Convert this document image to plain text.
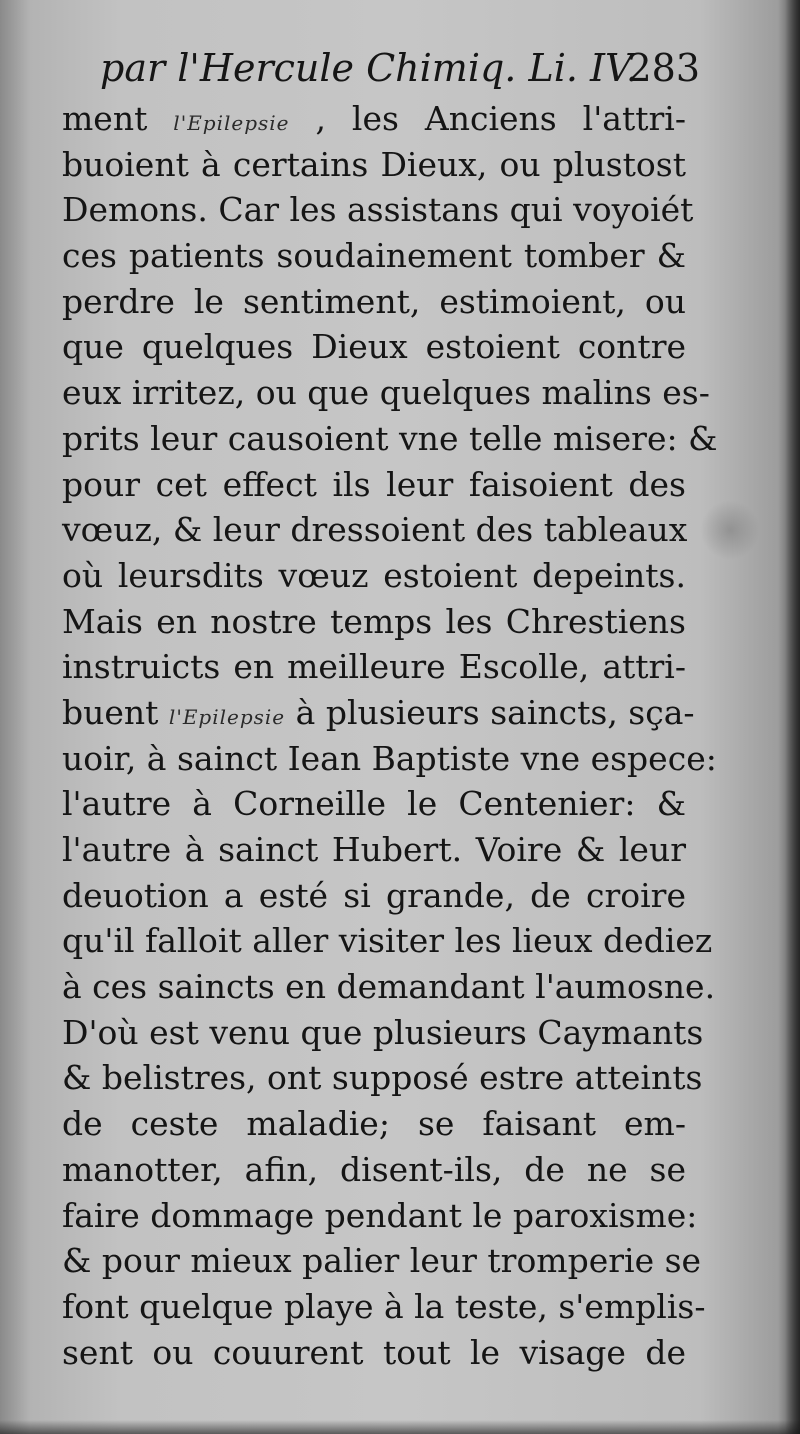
par l'Hercule Chimiq. Li. IV.
283
ment l'Epilepsie , les Anciens l'attri-
buoient à certains Dieux, ou plustost
Demons. Car les assistans qui voyoiét
ces patients soudainement tomber &
perdre le sentiment, estimoient, ou
que quelques Dieux estoient contre
eux irritez, ou que quelques malins es-
prits leur causoient vne telle misere: &
pour cet effect ils leur faisoient des
vœuz, & leur dressoient des tableaux
où leursdits vœuz estoient depeints.
Mais en nostre temps les Chrestiens
instruicts en meilleure Escolle, attri-
buent l'Epilepsie à plusieurs saincts, sça-
uoir, à sainct Iean Baptiste vne espece:
l'autre à Corneille le Centenier: &
l'autre à sainct Hubert. Voire & leur
deuotion a esté si grande, de croire
qu'il falloit aller visiter les lieux dediez
à ces saincts en demandant l'aumosne.
D'où est venu que plusieurs Caymants
& belistres, ont supposé estre atteints
de ceste maladie; se faisant em-
manotter, afin, disent-ils, de ne se
faire dommage pendant le paroxisme:
& pour mieux palier leur tromperie se
font quelque playe à la teste, s'emplis-
sent ou couurent tout le visage de
